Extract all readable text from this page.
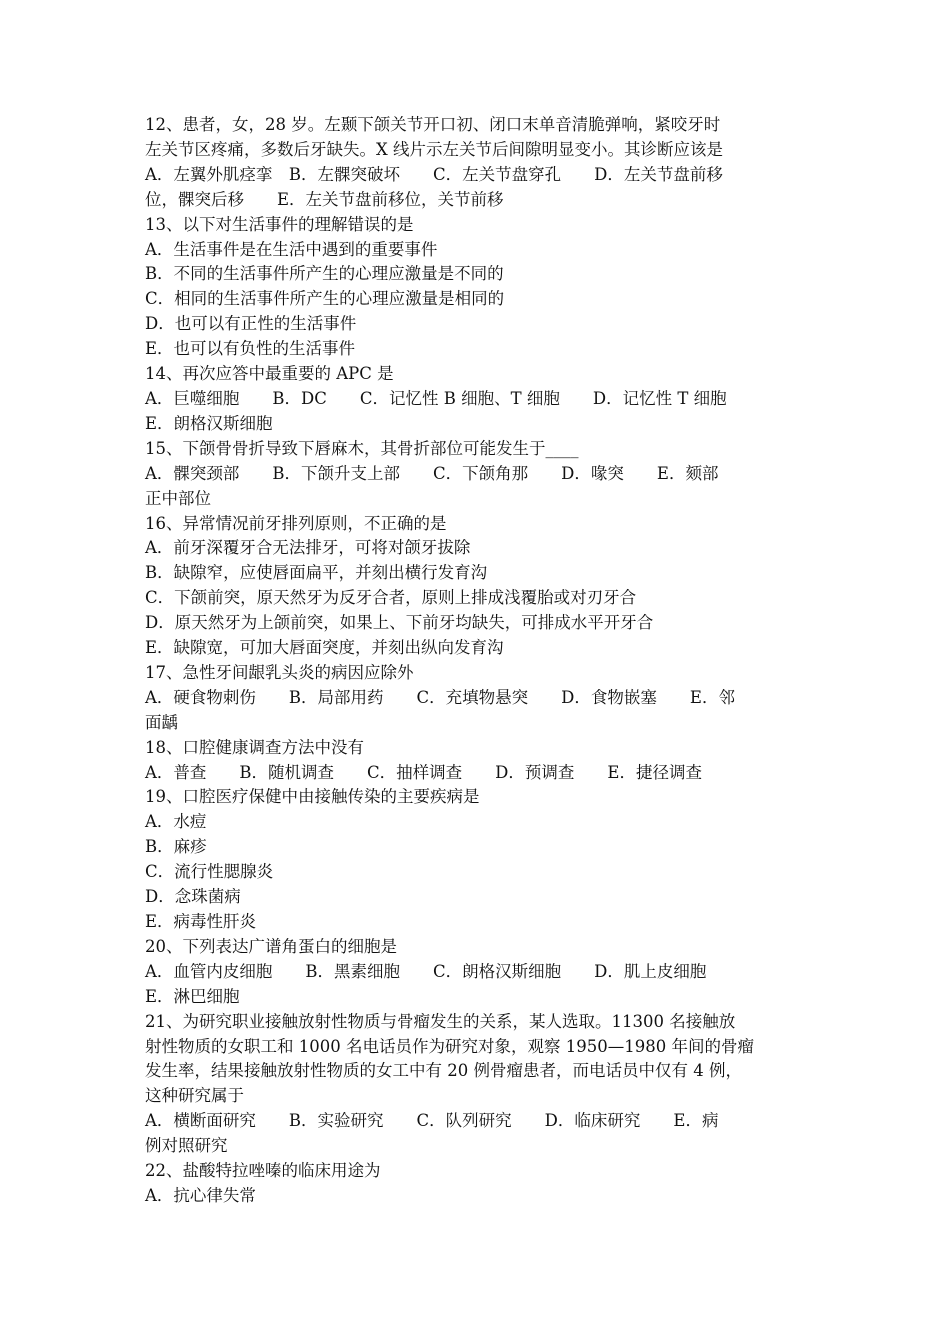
12、患者，女，28 岁。左颞下颌关节开口初、闭口末单音清脆弹响，紧咬牙时
左关节区疼痛，多数后牙缺失。X 线片示左关节后间隙明显变小。其诊断应该是
A．左翼外肌痉挛　B．左髁突破坏　　C．左关节盘穿孔　　D．左关节盘前移
位，髁突后移　　E．左关节盘前移位，关节前移
13、以下对生活事件的理解错误的是
A．生活事件是在生活中遇到的重要事件
B．不同的生活事件所产生的心理应激量是不同的
C．相同的生活事件所产生的心理应激量是相同的
D．也可以有正性的生活事件
E．也可以有负性的生活事件
14、再次应答中最重要的 APC 是
A．巨噬细胞　　B．DC　　C．记忆性 B 细胞、T 细胞　　D．记忆性 T 细胞
E．朗格汉斯细胞
15、下颌骨骨折导致下唇麻木，其骨折部位可能发生于____
A．髁突颈部　　B．下颌升支上部　　C．下颌角那　　D．喙突　　E．颏部
正中部位
16、异常情况前牙排列原则，不正确的是
A．前牙深覆牙合无法排牙，可将对颌牙拔除
B．缺隙窄，应使唇面扁平，并刻出横行发育沟
C．下颌前突，原天然牙为反牙合者，原则上排成浅覆胎或对刃牙合
D．原天然牙为上颌前突，如果上、下前牙均缺失，可排成水平开牙合
E．缺隙宽，可加大唇面突度，并刻出纵向发育沟
17、急性牙间龈乳头炎的病因应除外
A．硬食物刺伤　　B．局部用药　　C．充填物悬突　　D．食物嵌塞　　E．邻
面龋
18、口腔健康调查方法中没有
A．普查　　B．随机调查　　C．抽样调查　　D．预调查　　E．捷径调查
19、口腔医疗保健中由接触传染的主要疾病是
A．水痘
B．麻疹
C．流行性腮腺炎
D．念珠菌病
E．病毒性肝炎
20、下列表达广谱角蛋白的细胞是
A．血管内皮细胞　　B．黑素细胞　　C．朗格汉斯细胞　　D．肌上皮细胞
E．淋巴细胞
21、为研究职业接触放射性物质与骨瘤发生的关系，某人选取。11300 名接触放
射性物质的女职工和 1000 名电话员作为研究对象，观察 1950—1980 年间的骨瘤
发生率，结果接触放射性物质的女工中有 20 例骨瘤患者，而电话员中仅有 4 例，
这种研究属于
A．横断面研究　　B．实验研究　　C．队列研究　　D．临床研究　　E．病
例对照研究
22、盐酸特拉唑嗪的临床用途为
A．抗心律失常
